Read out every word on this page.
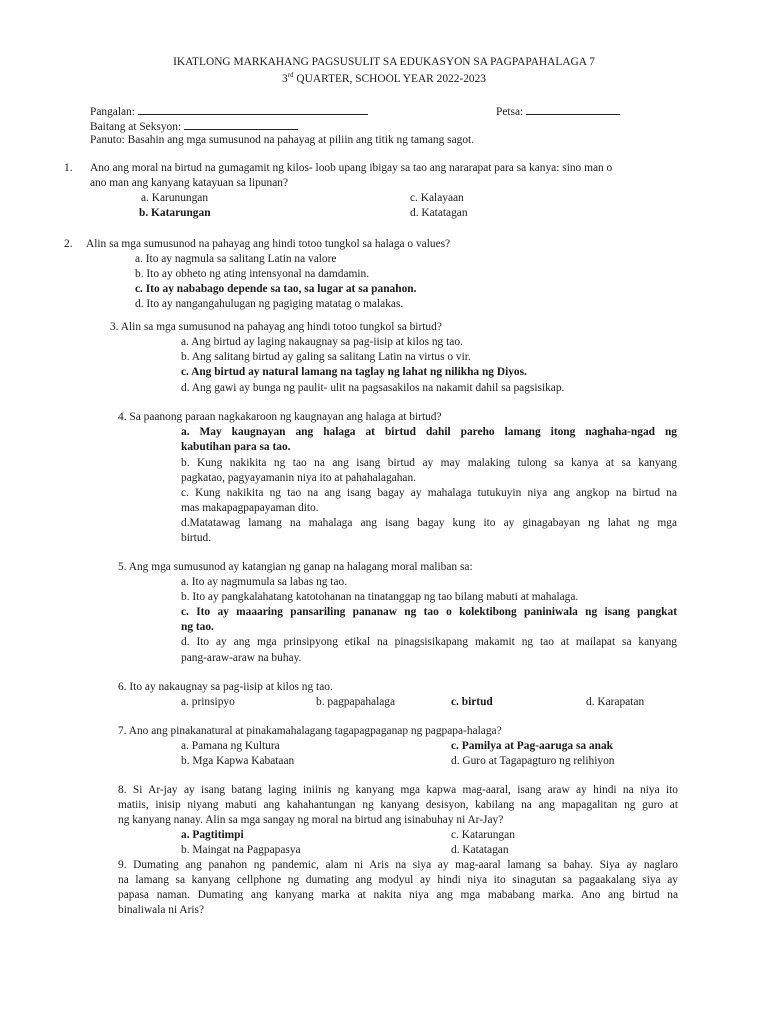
IKATLONG MARKAHANG PAGSUSULIT SA EDUKASYON SA PAGPAPAHALAGA 7
3rd QUARTER, SCHOOL YEAR 2022-2023
Pangalan:	Petsa:
Baitang at Seksyon:
Panuto: Basahin ang mga sumusunod na pahayag at piliin ang titik ng tamang sagot.
1. Ano ang moral na birtud na gumagamit ng kilos- loob upang ibigay sa tao ang nararapat para sa kanya: sino man o
ano man ang kanyang katayuan sa lipunan?
a. Karunungan
b. Katarungan
c. Kalayaan
d. Katatagan
2. Alin sa mga sumusunod na pahayag ang hindi totoo tungkol sa halaga o values?
a. Ito ay nagmula sa salitang Latin na valore
b. Ito ay obheto ng ating intensyonal na damdamin.
c. Ito ay nababago depende sa tao, sa lugar at sa panahon.
d. Ito ay nangangahulugan ng pagiging matatag o malakas.
3. Alin sa mga sumusunod na pahayag ang hindi totoo tungkol sa birtud?
a. Ang birtud ay laging nakaugnay sa pag-iisip at kilos ng tao.
b. Ang salitang birtud ay galing sa salitang Latin na virtus o vir.
c. Ang birtud ay natural lamang na taglay ng lahat ng nilikha ng Diyos.
d. Ang gawi ay bunga ng paulit- ulit na pagsasakilos na nakamit dahil sa pagsisikap.
4. Sa paanong paraan nagkakaroon ng kaugnayan ang halaga at birtud?
a. May kaugnayan ang halaga at birtud dahil pareho lamang itong naghaha-ngad ng
kabutihan para sa tao.
b. Kung nakikita ng tao na ang isang birtud ay may malaking tulong sa kanya at sa kanyang
pagkatao, pagyayamanin niya ito at pahahalagahan.
c. Kung nakikita ng tao na ang isang bagay ay mahalaga tutukuyin niya ang angkop na birtud na
mas makapagpapayaman dito.
d.Matatawag lamang na mahalaga ang isang bagay kung ito ay ginagabayan ng lahat ng mga
birtud.
5. Ang mga sumusunod ay katangian ng ganap na halagang moral maliban sa:
a. Ito ay nagmumula sa labas ng tao.
b. Ito ay pangkalahatang katotohanan na tinatanggap ng tao bilang mabuti at mahalaga.
c. Ito ay maaaring pansariling pananaw ng tao o kolektibong paniniwala ng isang pangkat
ng tao.
d. Ito ay ang mga prinsipyong etikal na pinagsisikapang makamit ng tao at mailapat sa kanyang
pang-araw-araw na buhay.
6. Ito ay nakaugnay sa pag-iisip at kilos ng tao.
a. prinsipyo	b. pagpapahalaga	c. birtud	d. Karapatan
7. Ano ang pinakanatural at pinakamahalagang tagapagpaganap ng pagpapa-halaga?
a. Pamana ng Kultura
b. Mga Kapwa Kabataan
c. Pamilya at Pag-aaruga sa anak
d. Guro at Tagapagturo ng relihiyon
8. Si Ar-jay ay isang batang laging iniinis ng kanyang mga kapwa mag-aaral, isang araw ay hindi na niya ito
matiis, inisip niyang mabuti ang kahahantungan ng kanyang desisyon, kabilang na ang mapagalitan ng guro at
ng kanyang nanay. Alin sa mga sangay ng moral na birtud ang isinabuhay ni Ar-Jay?
a. Pagtitimpi
b. Maingat na Pagpapasya
c. Katarungan
d. Katatagan
9. Dumating ang panahon ng pandemic, alam ni Aris na siya ay mag-aaral lamang sa bahay. Siya ay naglaro
na lamang sa kanyang cellphone ng dumating ang modyul ay hindi niya ito sinagutan sa pagaakalang siya ay
papasa naman. Dumating ang kanyang marka at nakita niya ang mga mababang marka. Ano ang birtud na
binaliwala ni Aris?
